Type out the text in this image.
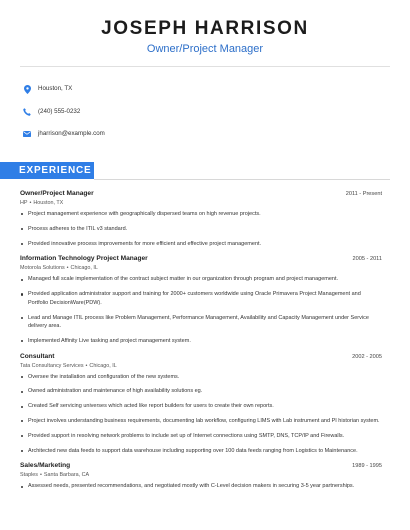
JOSEPH HARRISON
Owner/Project Manager
Houston, TX
(240) 555-0232
jharrison@example.com
EXPERIENCE
Owner/Project Manager	2011 - Present
HP • Houston, TX
Project management experience with geographically dispersed teams on high revenue projects.
Process adheres to the ITIL v3 standard.
Provided innovative process improvements for more efficient and effective project management.
Information Technology Project Manager	2005 - 2011
Motorola Solutions • Chicago, IL
Managed full scale implementation of the contract subject matter in our organization through program and project management.
Provided application administrator support and training for 2000+ customers worldwide using Oracle Primavera Project Management and Portfolio DecisionWare(PDW).
Lead and Manage ITIL process like Problem Management, Performance Management, Availability and Capacity Management under Service delivery area.
Implemented Affinity Live tasking and project management system.
Consultant	2002 - 2005
Tata Consultancy Services • Chicago, IL
Oversee the installation and configuration of the new systems.
Owned administration and maintenance of high availability solutions eg.
Created Self servicing universes which acted like report builders for users to create their own reports.
Project involves understanding business requirements, documenting lab workflow, configuring LIMS with Lab instrument and PI historian system.
Provided support in resolving network problems to include set up of Internet connections using SMTP, DNS, TCP/IP and Firewalls.
Architected new data feeds to support data warehouse including supporting over 100 data feeds ranging from Logistics to Maintenance.
Sales/Marketing	1989 - 1995
Staples • Santa Barbara, CA
Assessed needs, presented recommendations, and negotiated mostly with C-Level decision makers in securing 3-5 year partnerships.
